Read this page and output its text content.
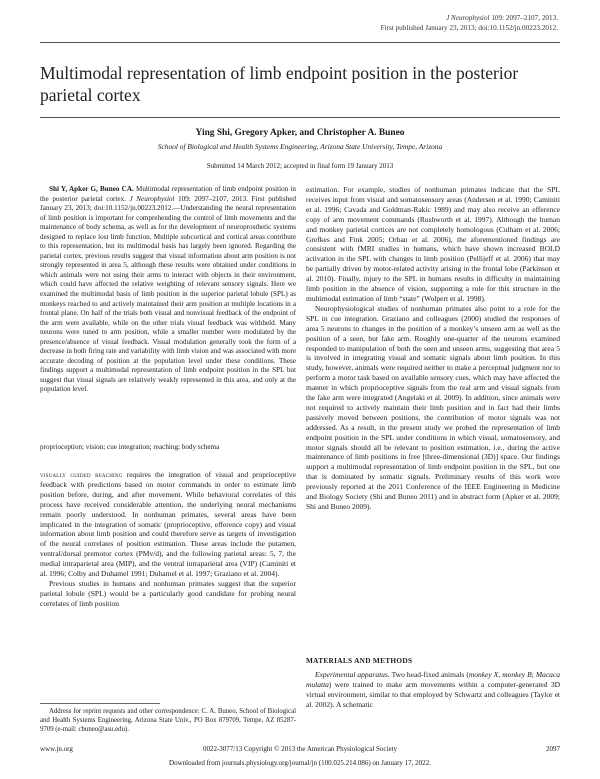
J Neurophysiol 109: 2097–2107, 2013.
First published January 23, 2013; doi:10.1152/jn.00223.2012.
Multimodal representation of limb endpoint position in the posterior
parietal cortex
Ying Shi, Gregory Apker, and Christopher A. Buneo
School of Biological and Health Systems Engineering, Arizona State University, Tempe, Arizona
Submitted 14 March 2012; accepted in final form 19 January 2013
Shi Y, Apker G, Buneo CA. Multimodal representation of limb endpoint position in the posterior parietal cortex. J Neurophysiol 109: 2097–2107, 2013. First published January 23, 2013; doi:10.1152/jn.00223.2012.—Understanding the neural representation of limb position is important for comprehending the control of limb movements and the maintenance of body schema, as well as for the development of neuroprosthetic systems designed to replace lost limb function. Multiple subcortical and cortical areas contribute to this representation, but its multimodal basis has largely been ignored. Regarding the parietal cortex, previous results suggest that visual information about arm position is not strongly represented in area 5, although these results were obtained under conditions in which animals were not using their arms to interact with objects in their environment, which could have affected the relative weighting of relevant sensory signals. Here we examined the multimodal basis of limb position in the superior parietal lobule (SPL) as monkeys reached to and actively maintained their arm position at multiple locations in a frontal plane. On half of the trials both visual and nonvisual feedback of the endpoint of the arm were available, while on the other trials visual feedback was withheld. Many neurons were tuned to arm position, while a smaller number were modulated by the presence/absence of visual feedback. Visual modulation generally took the form of a decrease in both firing rate and variability with limb vision and was associated with more accurate decoding of position at the population level under these conditions. These findings support a multimodal representation of limb endpoint position in the SPL but suggest that visual signals are relatively weakly represented in this area, and only at the population level.
proprioception; vision; cue integration; reaching; body schema

visually guided reaching requires the integration of visual and proprioceptive feedback with predictions based on motor commands in order to estimate limb position before, during, and after movement. While behavioral correlates of this process have received considerable attention, the underlying neural mechanisms remain poorly understood. In nonhuman primates, several areas have been implicated in the integration of somatic (proprioceptive, efference copy) and visual information about limb position and could therefore serve as targets of investigation of the neural correlates of position estimation. These areas include the putamen, ventral/dorsal premotor cortex (PMv/d), and the following parietal areas: 5, 7, the medial intraparietal area (MIP), and the ventral intraparietal area (VIP) (Caminiti et al. 1996; Colby and Duhamel 1991; Duhamel et al. 1997; Graziano et al. 2004).

Previous studies in humans and nonhuman primates suggest that the superior parietal lobule (SPL) would be a particularly good candidate for probing neural correlates of limb position

estimation. For example, studies of nonhuman primates indicate that the SPL receives input from visual and somatosensory areas (Andersen et al. 1990; Caminiti et al. 1996; Cavada and Goldman-Rakic 1989) and may also receive an efference copy of arm movement commands (Rushworth et al. 1997). Although the human and monkey parietal cortices are not completely homologous (Culham et al. 2006; Grefkes and Fink 2005; Orban et al. 2006), the aforementioned findings are consistent with fMRI studies in humans, which have shown increased BOLD activation in the SPL with changes in limb position (Pellijeff et al. 2006) that may be partially driven by motor-related activity arising in the frontal lobe (Parkinson et al. 2010). Finally, injury to the SPL in humans results in difficulty in maintaining limb position in the absence of vision, supporting a role for this structure in the multimodal estimation of limb “state” (Wolpert et al. 1998).

Neurophysiological studies of nonhuman primates also point to a role for the SPL in cue integration. Graziano and colleagues (2000) studied the responses of area 5 neurons to changes in the position of a monkey’s unseen arm as well as the position of a seen, but fake arm. Roughly one-quarter of the neurons examined responded to manipulation of both the seen and unseen arms, suggesting that area 5 is involved in integrating visual and somatic signals about limb position. In this study, however, animals were required neither to make a perceptual judgment nor to perform a motor task based on available sensory cues, which may have affected the manner in which proprioceptive signals from the real arm and visual signals from the fake arm were integrated (Angelaki et al. 2009). In addition, since animals were not required to actively maintain their limb position and in fact had their limbs passively moved between positions, the contribution of motor signals was not addressed. As a result, in the present study we probed the representation of limb endpoint position in the SPL under conditions in which visual, somatosensory, and motor signals should all be relevant to position estimation, i.e., during the active maintenance of limb positions in free [three-dimensional (3D)] space. Our findings support a multimodal representation of limb endpoint position in the SPL, but one that is dominated by somatic signals. Preliminary results of this work were previously reported at the 2011 Conference of the IEEE Engineering in Medicine and Biology Society (Shi and Buneo 2011) and in abstract form (Apker et al. 2009; Shi and Buneo 2009).

MATERIALS AND METHODS

Experimental apparatus. Two head-fixed animals (monkey X, monkey B; Macaca mulatta) were trained to make arm movements within a computer-generated 3D virtual environment, similar to that employed by Schwartz and colleagues (Taylor et al. 2002). A schematic

Address for reprint requests and other correspondence: C. A. Buneo, School of Biological and Health Systems Engineering, Arizona State Univ., PO Box 879709, Tempe, AZ 85287-9709 (e-mail: cbuneo@asu.edu).
www.jn.org	0022-3077/13 Copyright © 2013 the American Physiological Society	2097
Downloaded from journals.physiology.org/journal/jn (100.025.214.086) on January 17, 2022.
